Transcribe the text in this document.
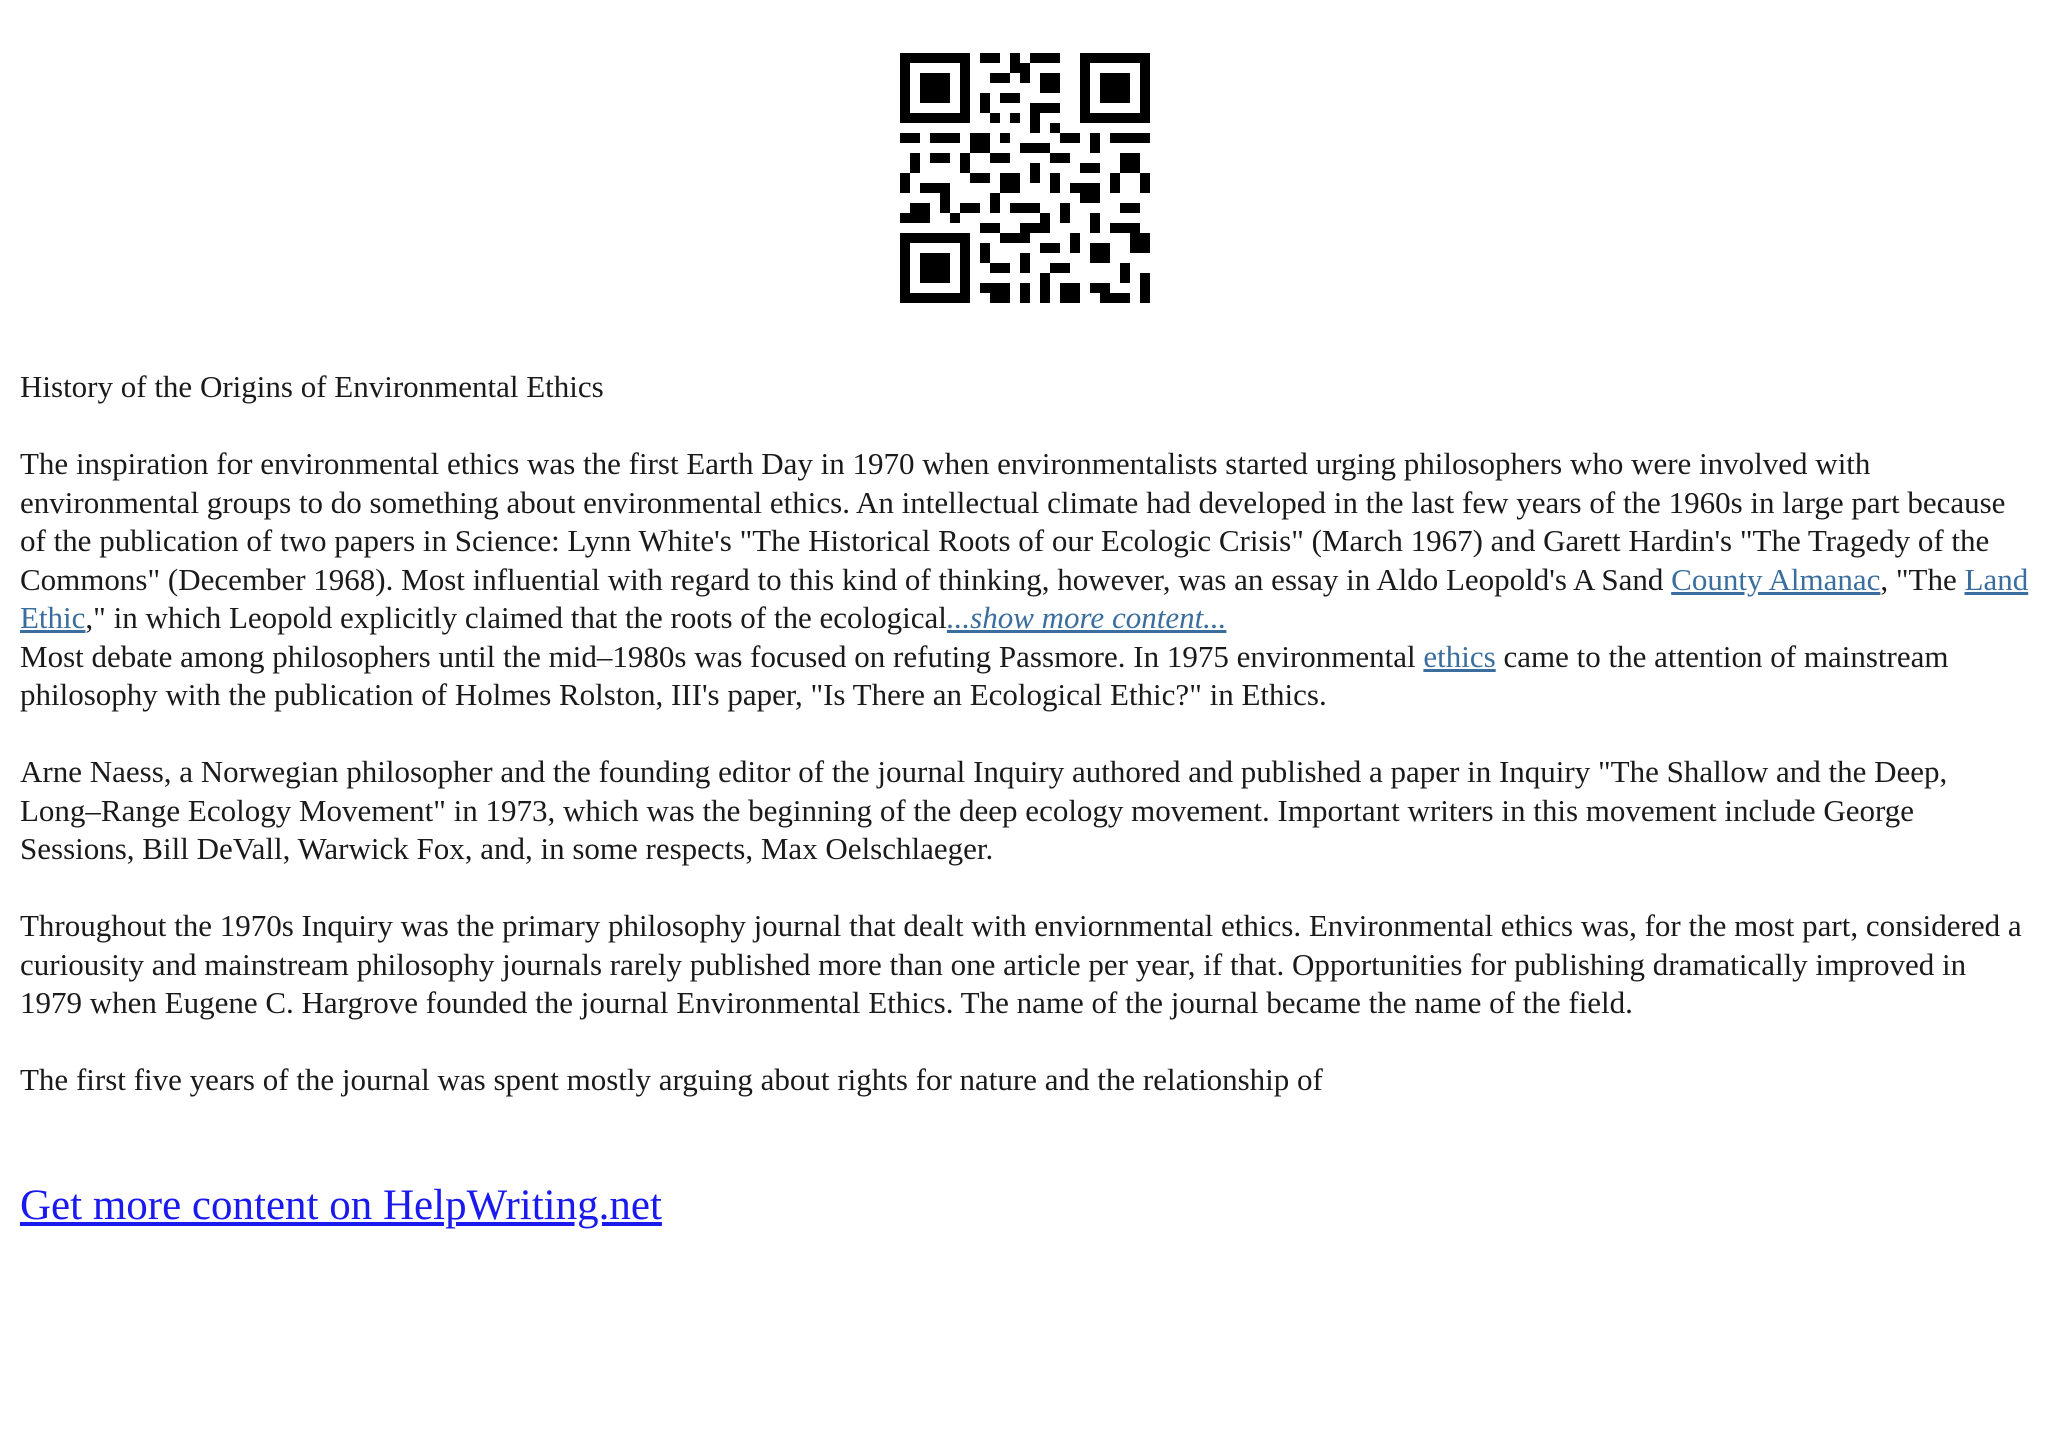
History of the Origins of Environmental Ethics

The inspiration for environmental ethics was the first Earth Day in 1970 when environmentalists started urging philosophers who were involved with environmental groups to do something about environmental ethics. An intellectual climate had developed in the last few years of the 1960s in large part because of the publication of two papers in Science: Lynn White's "The Historical Roots of our Ecologic Crisis" (March 1967) and Garett Hardin's "The Tragedy of the Commons" (December 1968). Most influential with regard to this kind of thinking, however, was an essay in Aldo Leopold's A Sand County Almanac, "The Land Ethic," in which Leopold explicitly claimed that the roots of the ecological...show more content...
Most debate among philosophers until the mid–1980s was focused on refuting Passmore. In 1975 environmental ethics came to the attention of mainstream philosophy with the publication of Holmes Rolston, III's paper, "Is There an Ecological Ethic?" in Ethics.

Arne Naess, a Norwegian philosopher and the founding editor of the journal Inquiry authored and published a paper in Inquiry "The Shallow and the Deep, Long–Range Ecology Movement" in 1973, which was the beginning of the deep ecology movement. Important writers in this movement include George Sessions, Bill DeVall, Warwick Fox, and, in some respects, Max Oelschlaeger.

Throughout the 1970s Inquiry was the primary philosophy journal that dealt with enviornmental ethics. Environmental ethics was, for the most part, considered a curiousity and mainstream philosophy journals rarely published more than one article per year, if that. Opportunities for publishing dramatically improved in 1979 when Eugene C. Hargrove founded the journal Environmental Ethics. The name of the journal became the name of the field.

The first five years of the journal was spent mostly arguing about rights for nature and the relationship of

Get more content on HelpWriting.net
